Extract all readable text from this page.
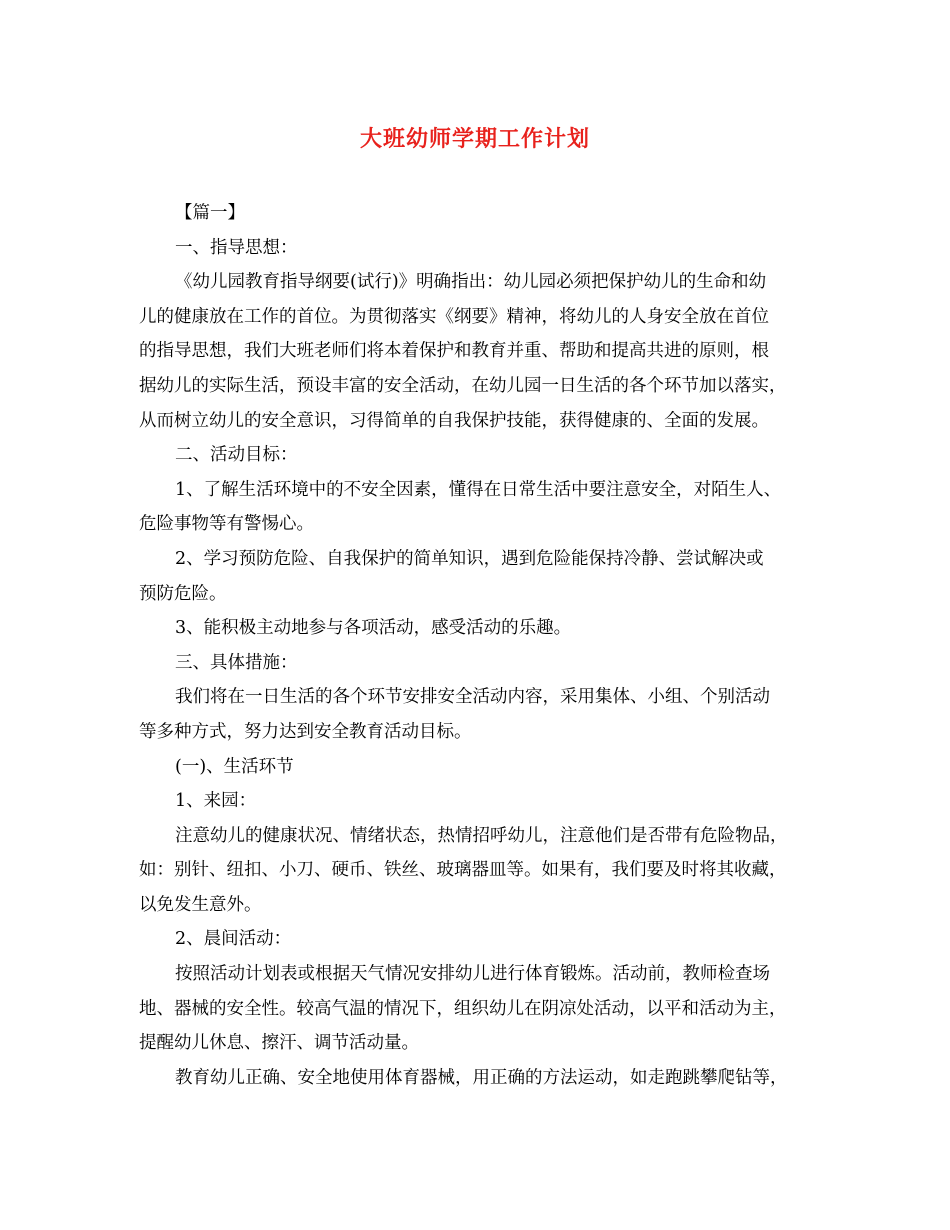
大班幼师学期工作计划
【篇一】
一、指导思想：
《幼儿园教育指导纲要(试行)》明确指出：幼儿园必须把保护幼儿的生命和幼
儿的健康放在工作的首位。为贯彻落实《纲要》精神，将幼儿的人身安全放在首位
的指导思想，我们大班老师们将本着保护和教育并重、帮助和提高共进的原则，根
据幼儿的实际生活，预设丰富的安全活动，在幼儿园一日生活的各个环节加以落实，
从而树立幼儿的安全意识，习得简单的自我保护技能，获得健康的、全面的发展。
二、活动目标：
1、了解生活环境中的不安全因素，懂得在日常生活中要注意安全，对陌生人、
危险事物等有警惕心。
2、学习预防危险、自我保护的简单知识，遇到危险能保持冷静、尝试解决或
预防危险。
3、能积极主动地参与各项活动，感受活动的乐趣。
三、具体措施：
我们将在一日生活的各个环节安排安全活动内容，采用集体、小组、个别活动
等多种方式，努力达到安全教育活动目标。
(一)、生活环节
1、来园：
注意幼儿的健康状况、情绪状态，热情招呼幼儿，注意他们是否带有危险物品，
如：别针、纽扣、小刀、硬币、铁丝、玻璃器皿等。如果有，我们要及时将其收藏，
以免发生意外。
2、晨间活动：
按照活动计划表或根据天气情况安排幼儿进行体育锻炼。活动前，教师检查场
地、器械的安全性。较高气温的情况下，组织幼儿在阴凉处活动，以平和活动为主，
提醒幼儿休息、擦汗、调节活动量。
教育幼儿正确、安全地使用体育器械，用正确的方法运动，如走跑跳攀爬钻等，
